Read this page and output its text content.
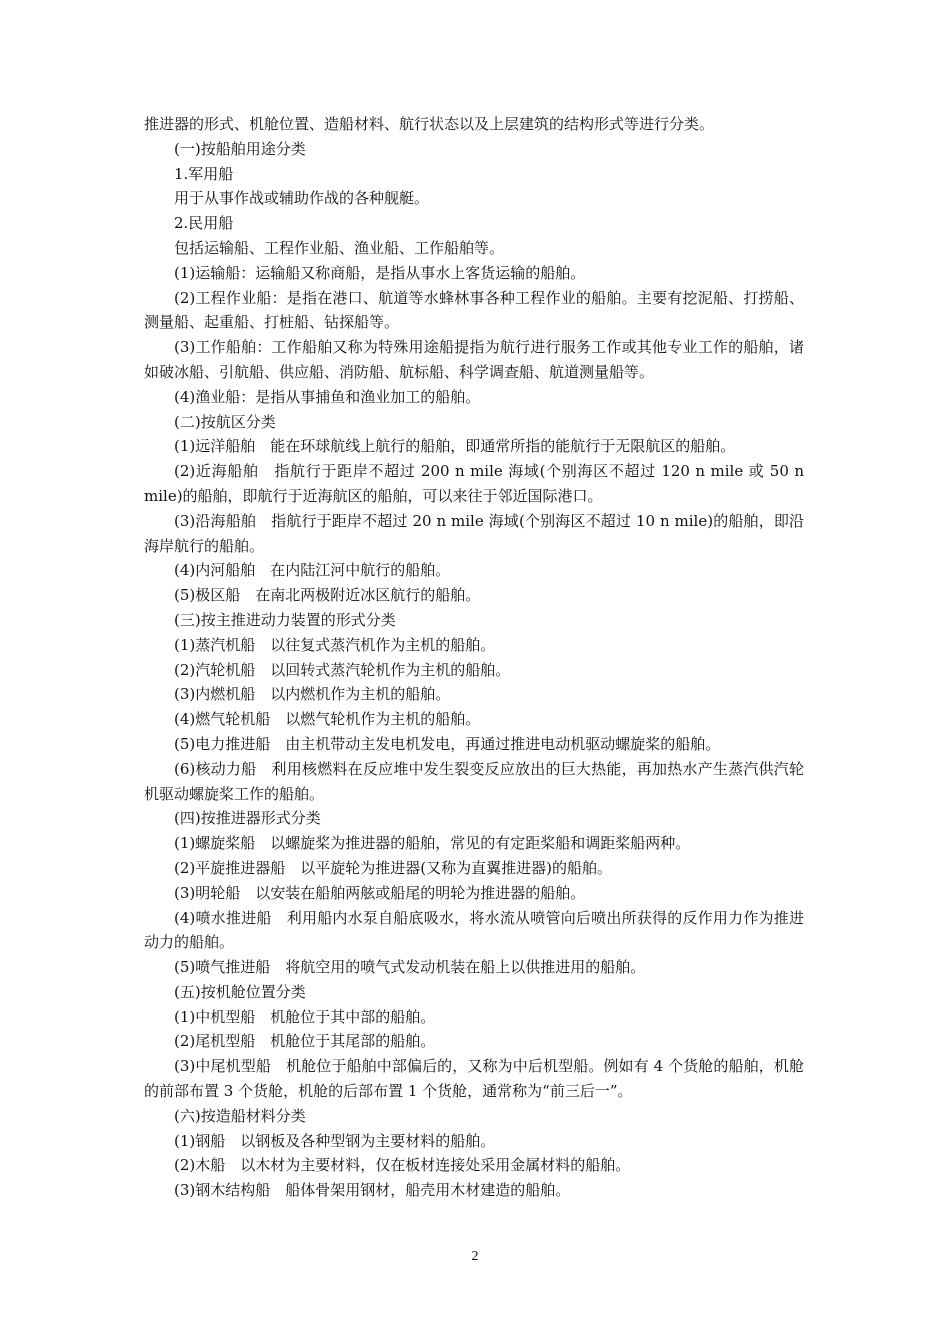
推进器的形式、机舱位置、造船材料、航行状态以及上层建筑的结构形式等进行分类。

(一)按船舶用途分类

1.军用船

用于从事作战或辅助作战的各种舰艇。

2.民用船

包括运输船、工程作业船、渔业船、工作船舶等。

(1)运输船：运输船又称商船，是指从事水上客货运输的船舶。

(2)工程作业船：是指在港口、航道等水蜂林事各种工程作业的船舶。主要有挖泥船、打捞船、测量船、起重船、打桩船、钻探船等。

(3)工作船舶：工作船舶又称为特殊用途船提指为航行进行服务工作或其他专业工作的船舶，诸如破冰船、引航船、供应船、消防船、航标船、科学调查船、航道测量船等。

(4)渔业船：是指从事捕鱼和渔业加工的船舶。

(二)按航区分类

(1)远洋船舶　能在环球航线上航行的船舶，即通常所指的能航行于无限航区的船舶。

(2)近海船舶　指航行于距岸不超过 200 n mile 海域(个别海区不超过 120 n mile 或 50 n mile)的船舶，即航行于近海航区的船舶，可以来往于邻近国际港口。

(3)沿海船舶　指航行于距岸不超过 20 n mile 海域(个别海区不超过 10 n mile)的船舶，即沿海岸航行的船舶。

(4)内河船舶　在内陆江河中航行的船舶。

(5)极区船　在南北两极附近冰区航行的船舶。

(三)按主推进动力装置的形式分类

(1)蒸汽机船　以往复式蒸汽机作为主机的船舶。

(2)汽轮机船　以回转式蒸汽轮机作为主机的船舶。

(3)内燃机船　以内燃机作为主机的船舶。

(4)燃气轮机船　以燃气轮机作为主机的船舶。

(5)电力推进船　由主机带动主发电机发电，再通过推进电动机驱动螺旋桨的船舶。

(6)核动力船　利用核燃料在反应堆中发生裂变反应放出的巨大热能，再加热水产生蒸汽供汽轮机驱动螺旋桨工作的船舶。

(四)按推进器形式分类

(1)螺旋桨船　以螺旋桨为推进器的船舶，常见的有定距桨船和调距桨船两种。

(2)平旋推进器船　以平旋轮为推进器(又称为直翼推进器)的船舶。

(3)明轮船　以安装在船舶两舷或船尾的明轮为推进器的船舶。

(4)喷水推进船　利用船内水泵自船底吸水，将水流从喷管向后喷出所获得的反作用力作为推进动力的船舶。

(5)喷气推进船　将航空用的喷气式发动机装在船上以供推进用的船舶。

(五)按机舱位置分类

(1)中机型船　机舱位于其中部的船舶。

(2)尾机型船　机舱位于其尾部的船舶。

(3)中尾机型船　机舱位于船舶中部偏后的，又称为中后机型船。例如有 4 个货舱的船舶，机舱的前部布置 3 个货舱，机舱的后部布置 1 个货舱，通常称为“前三后一”。

(六)按造船材料分类

(1)钢船　以钢板及各种型钢为主要材料的船舶。

(2)木船　以木材为主要材料，仅在板材连接处采用金属材料的船舶。

(3)钢木结构船　船体骨架用钢材，船壳用木材建造的船舶。

2
